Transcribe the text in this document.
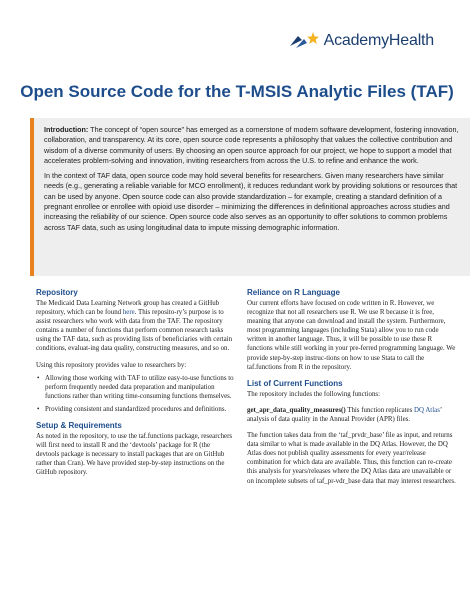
AcademyHealth
Open Source Code for the T-MSIS Analytic Files (TAF)

Introduction: The concept of “open source” has emerged as a cornerstone of modern software development, fostering innovation, collaboration, and transparency. At its core, open source code represents a philosophy that values the collective contribution and wisdom of a diverse community of users. By choosing an open source approach for our project, we hope to support a model that accelerates problem-solving and innovation, inviting researchers from across the U.S. to refine and enhance the work.

In the context of TAF data, open source code may hold several benefits for researchers. Given many researchers have similar needs (e.g., generating a reliable variable for MCO enrollment), it reduces redundant work by providing solutions or resources that can be used by anyone. Open source code can also provide standardization – for example, creating a standard definition of a pregnant enrollee or enrollee with opioid use disorder – minimizing the differences in definitional approaches across studies and increasing the reliability of our science. Open source code also serves as an opportunity to offer solutions to common problems across TAF data, such as using longitudinal data to impute missing demographic information.

Repository

The Medicaid Data Learning Network group has created a GitHub repository, which can be found here. This reposito-ry’s purpose is to assist researchers who work with data from the TAF. The repository contains a number of functions that perform common research tasks using the TAF data, such as providing lists of beneficiaries with certain conditions, evaluat-ing data quality, constructing measures, and so on.

Using this repository provides value to researchers by:

• Allowing those working with TAF to utilize easy-to-use functions to perform frequently needed data preparation and manipulation functions rather than writing time-consuming functions themselves.
• Providing consistent and standardized procedures and definitions.
Setup & Requirements

As noted in the repository, to use the taf.functions package, researchers will first need to install R and the ‘devtools’ package for R (the devtools package is necessary to install packages that are on GitHub rather than Cran). We have provided step-by-step instructions on the GitHub repository.

Reliance on R Language

Our current efforts have focused on code written in R. However, we recognize that not all researchers use R. We use R because it is free, meaning that anyone can download and install the system. Furthermore, most programming languages (including Stata) allow you to run code written in another language. Thus, it will be possible to use these R functions while still working in your pre-ferred programming language. We provide step-by-step instruc-tions on how to use Stata to call the taf.functions from R in the repository.

List of Current Functions

The repository includes the following functions:

get_apr_data_quality_measures() This function replicates DQ Atlas’ analysis of data quality in the Annual Provider (APR) files.

The function takes data from the ‘taf_prvdr_base’ file as input, and returns data similar to what is made available in the DQ Atlas. However, the DQ Atlas does not publish quality assessments for every year/release combination for which data are available. Thus, this function can re-create this analysis for years/releases where the DQ Atlas data are unavailable or on incomplete subsets of taf_pr-vdr_base data that may interest researchers.
